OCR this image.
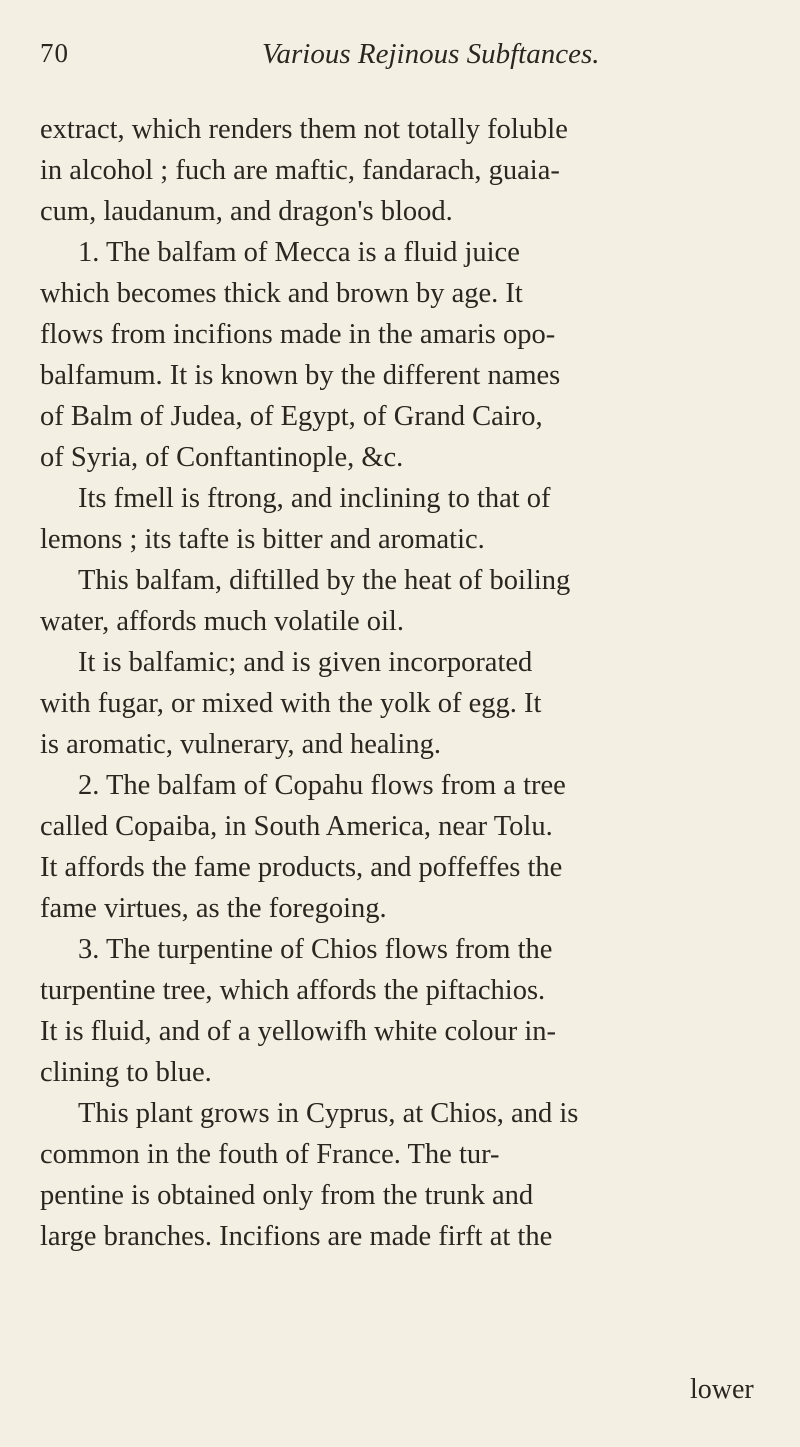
70	Various Rejinous Subftances.
extract, which renders them not totally foluble
in alcohol ; fuch are maftic, fandarach, guaia-
cum, laudanum, and dragon's blood.
1. The balfam of Mecca is a fluid juice
which becomes thick and brown by age. It
flows from incifions made in the amaris opo-
balfamum. It is known by the different names
of Balm of Judea, of Egypt, of Grand Cairo,
of Syria, of Conftantinople, &c.
Its fmell is ftrong, and inclining to that of
lemons ; its tafte is bitter and aromatic.
This balfam, diftilled by the heat of boiling
water, affords much volatile oil.
It is balfamic; and is given incorporated
with fugar, or mixed with the yolk of egg. It
is aromatic, vulnerary, and healing.
2. The balfam of Copahu flows from a tree
called Copaiba, in South America, near Tolu.
It affords the fame products, and poffeffes the
fame virtues, as the foregoing.
3. The turpentine of Chios flows from the
turpentine tree, which affords the piftachios.
It is fluid, and of a yellowifh white colour in-
clining to blue.
This plant grows in Cyprus, at Chios, and is
common in the fouth of France. The tur-
pentine is obtained only from the trunk and
large branches. Incifions are made firft at the
lower
